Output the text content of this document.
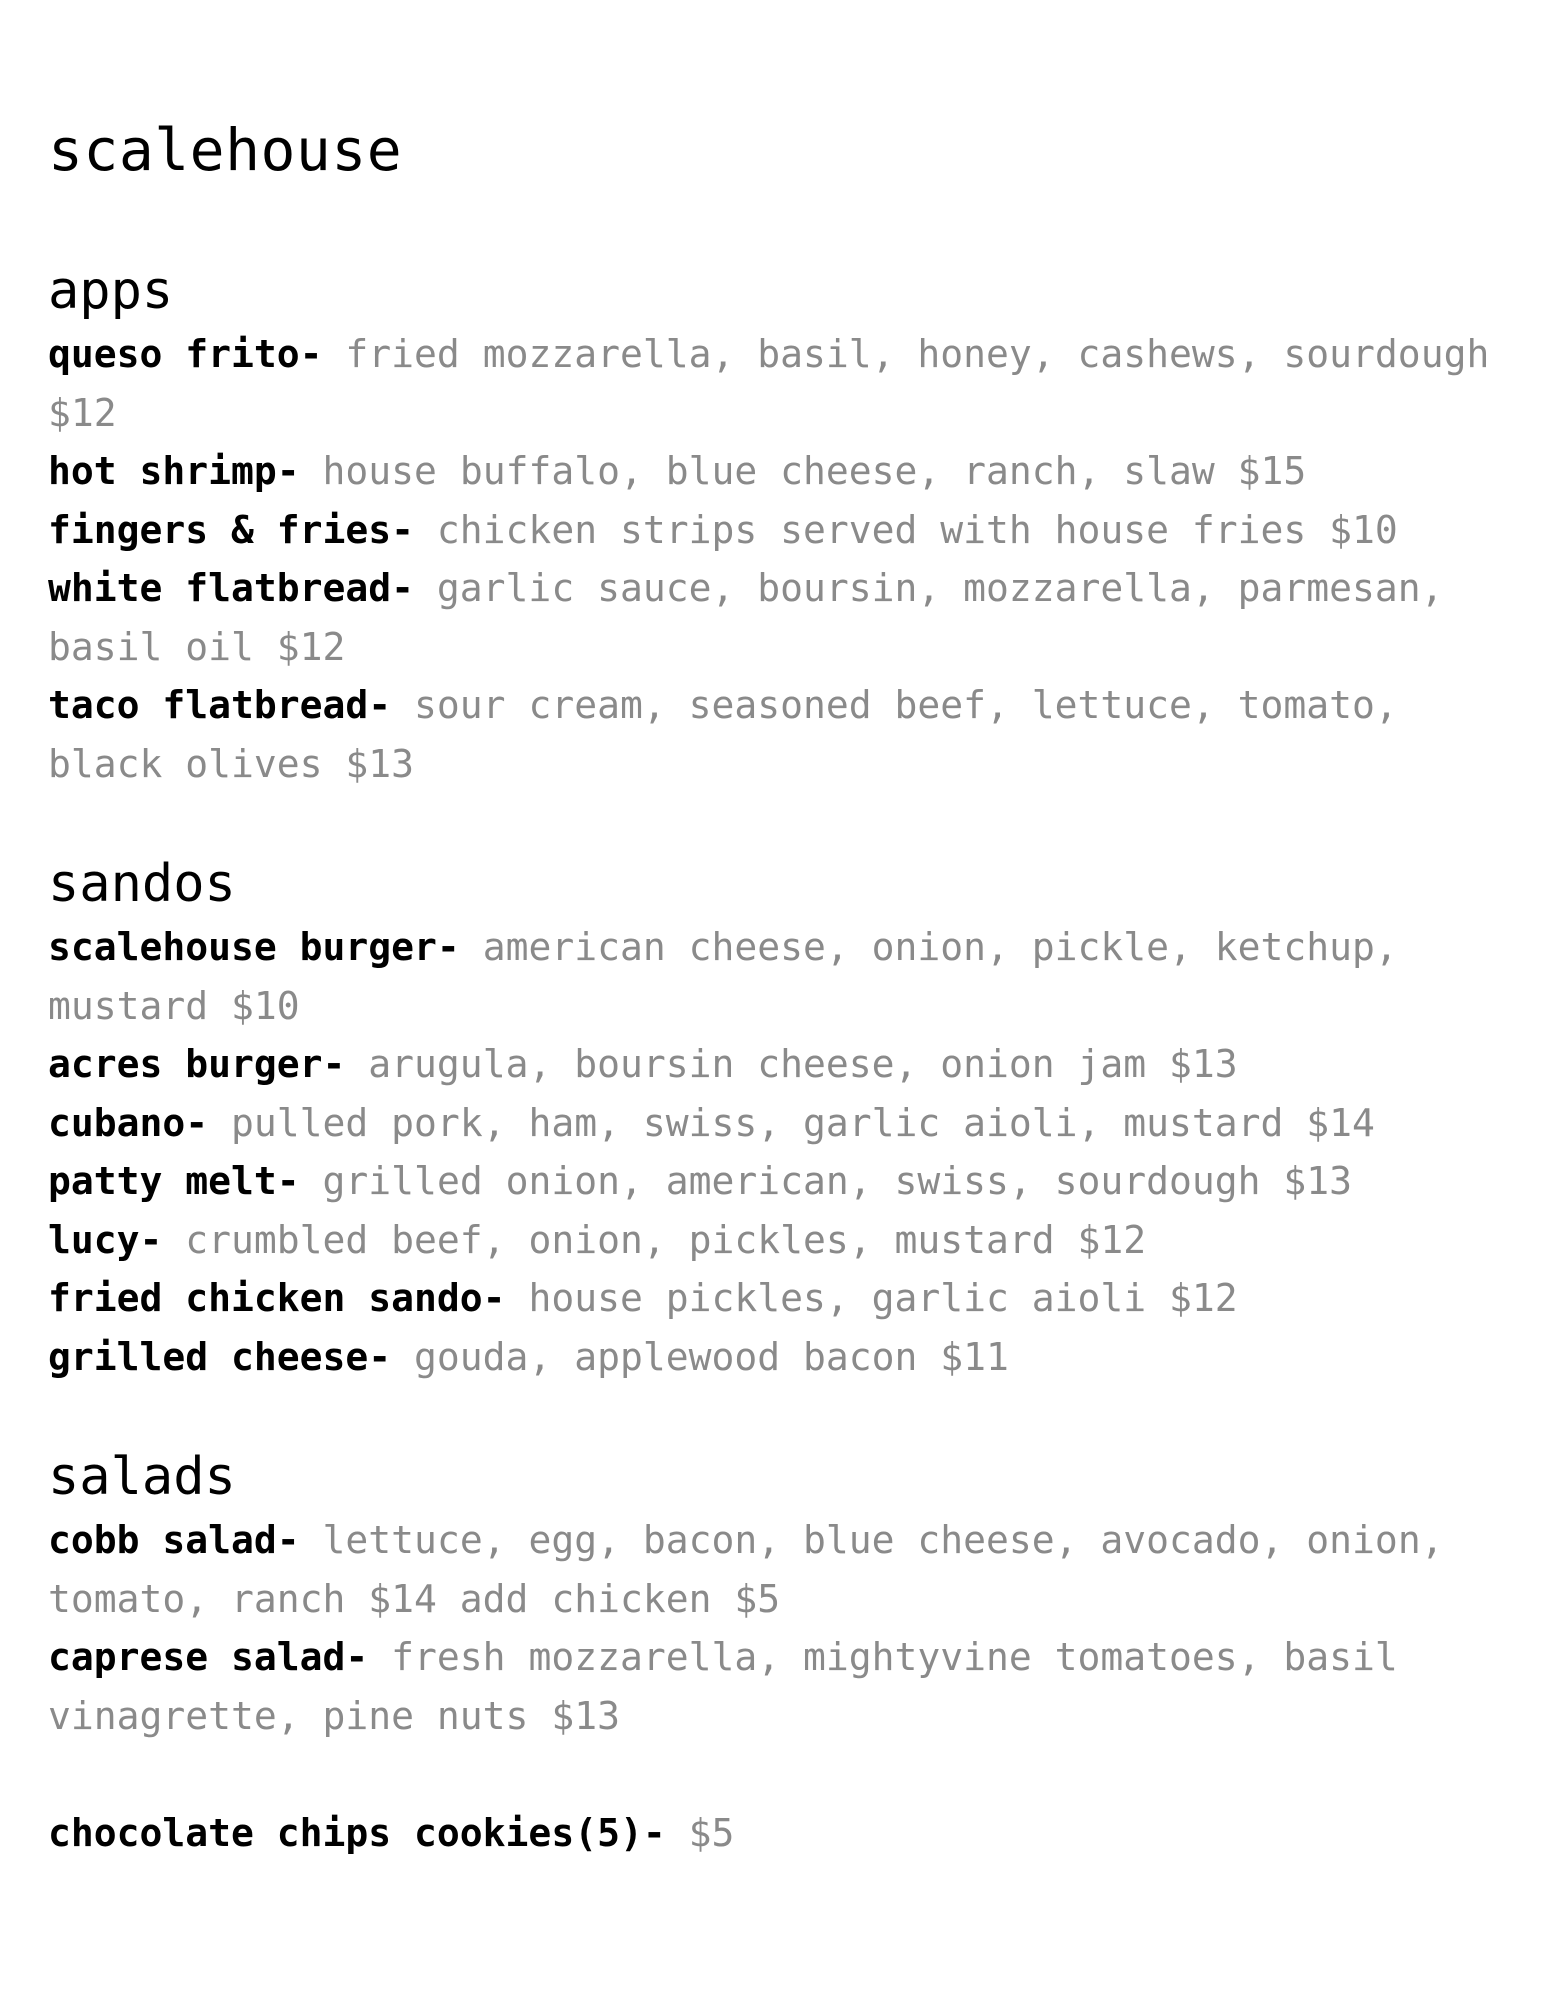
scalehouse
apps

queso frito- fried mozzarella, basil, honey, cashews, sourdough $12

hot shrimp- house buffalo, blue cheese, ranch, slaw $15

fingers & fries- chicken strips served with house fries $10

white flatbread- garlic sauce, boursin, mozzarella, parmesan, basil oil $12

taco flatbread- sour cream, seasoned beef, lettuce, tomato, black olives $13

sandos

scalehouse burger- american cheese, onion, pickle, ketchup, mustard $10

acres burger- arugula, boursin cheese, onion jam $13

cubano- pulled pork, ham, swiss, garlic aioli, mustard $14

patty melt- grilled onion, american, swiss, sourdough $13

lucy- crumbled beef, onion, pickles, mustard $12

fried chicken sando- house pickles, garlic aioli $12

grilled cheese- gouda, applewood bacon $11

salads

cobb salad- lettuce, egg, bacon, blue cheese, avocado, onion, tomato, ranch $14 add chicken $5

caprese salad- fresh mozzarella, mightyvine tomatoes, basil vinagrette, pine nuts $13

chocolate chips cookies(5)- $5
